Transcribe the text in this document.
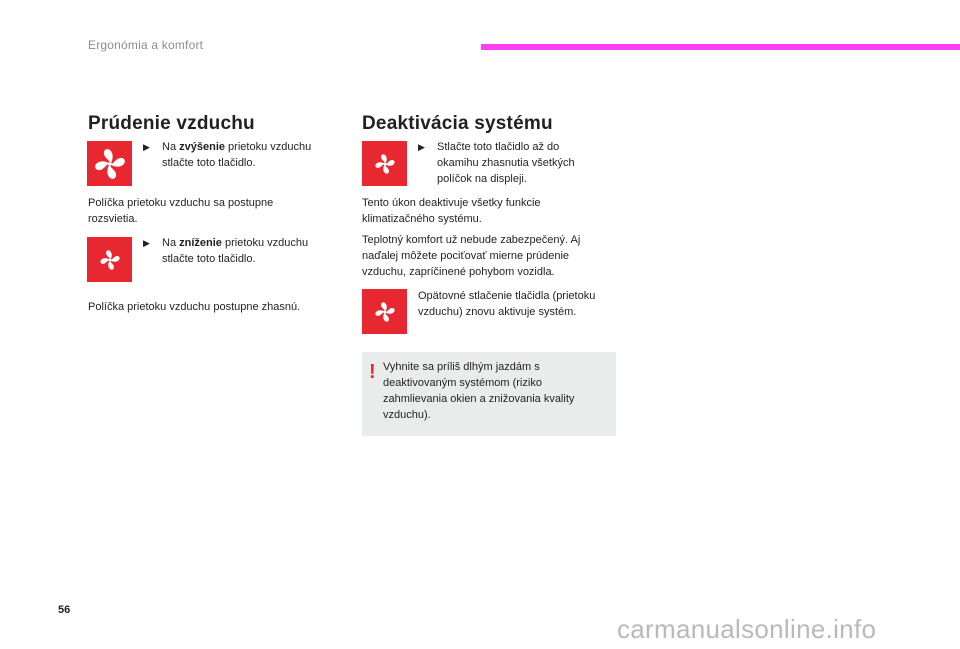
Ergonómia a komfort
Prúdenie vzduchu
▶ Na zvýšenie prietoku vzduchu
stlačte toto tlačidlo.
Políčka prietoku vzduchu sa postupne
rozsvietia.
▶ Na zníženie prietoku vzduchu
stlačte toto tlačidlo.
Políčka prietoku vzduchu postupne zhasnú.
Deaktivácia systému
▶ Stlačte toto tlačidlo až do
okamihu zhasnutia všetkých
políčok na displeji.
Tento úkon deaktivuje všetky funkcie
klimatizačného systému.
Teplotný komfort už nebude zabezpečený. Aj
naďalej môžete pociťovať mierne prúdenie
vzduchu, zapríčinené pohybom vozidla.
Opätovné stlačenie tlačidla (prietoku
vzduchu) znovu aktivuje systém.
! Vyhnite sa príliš dlhým jazdám s
deaktivovaným systémom (riziko
zahmlievania okien a znižovania kvality
vzduchu).
56
carmanualsonline.info
